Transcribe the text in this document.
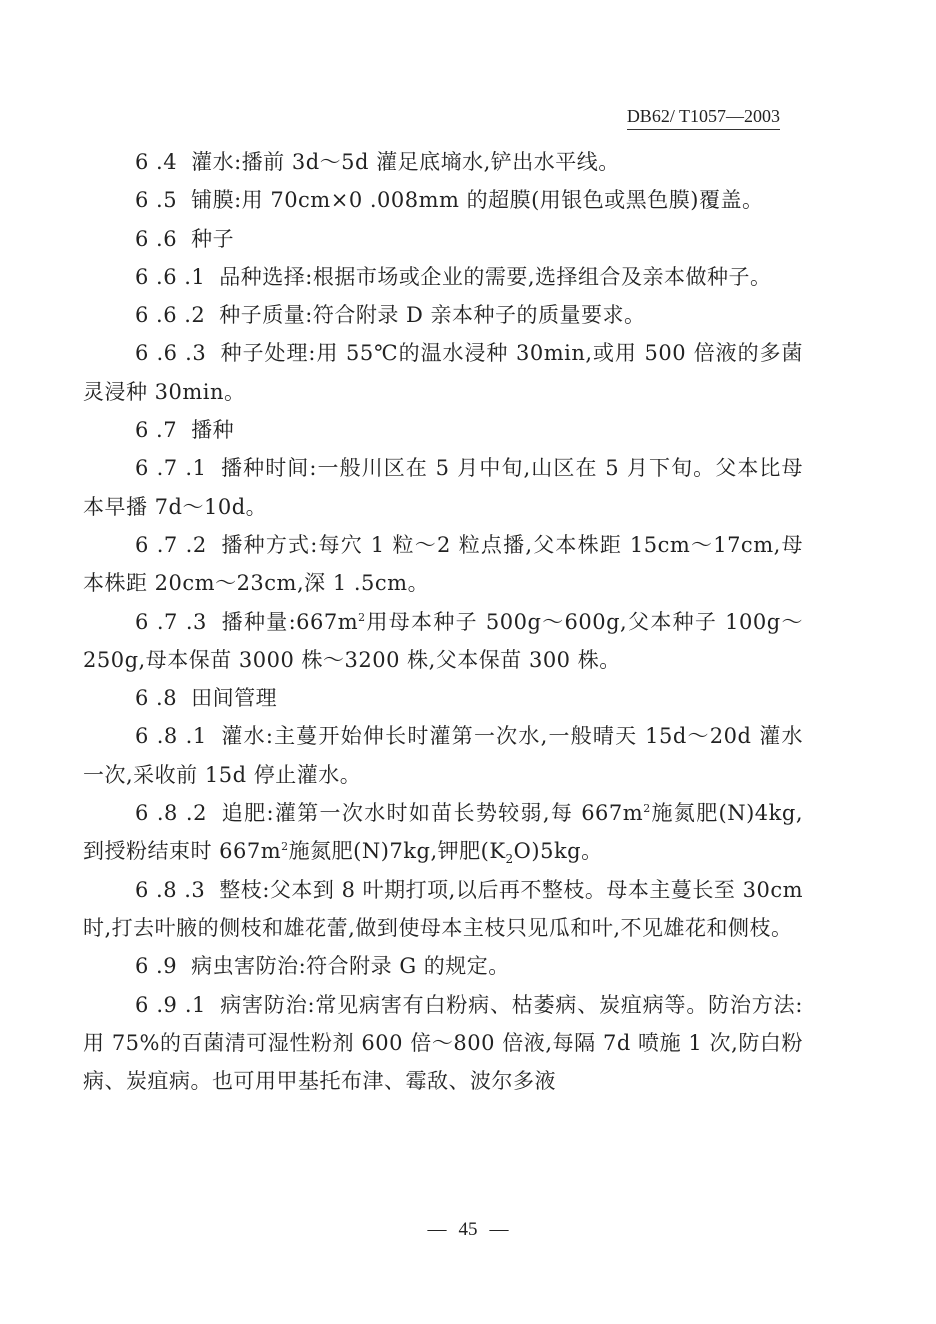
DB62/ T1057—2003

6 .4 灌水:播前 3d～5d 灌足底墒水,铲出水平线。

6 .5 铺膜:用 70cm×0 .008mm 的超膜(用银色或黑色膜)覆盖。

6 .6 种子

6 .6 .1 品种选择:根据市场或企业的需要,选择组合及亲本做种子。

6 .6 .2 种子质量:符合附录 D 亲本种子的质量要求。

6 .6 .3 种子处理:用 55℃的温水浸种 30min,或用 500 倍液的多菌灵浸种 30min。

6 .7 播种

6 .7 .1 播种时间:一般川区在 5 月中旬,山区在 5 月下旬。父本比母本早播 7d～10d。

6 .7 .2 播种方式:每穴 1 粒～2 粒点播,父本株距 15cm～17cm,母本株距 20cm～23cm,深 1 .5cm。

6 .7 .3 播种量$:667m^2$用母本种子 500g～600g,父本种子 100g～250g,母本保苗 3000 株～3200 株,父本保苗 300 株。

6 .8 田间管理

6 .8 .1 灌水:主蔓开始伸长时灌第一次水,一般晴天 15d～20d 灌水一次,采收前 15d 停止灌水。

6 .8 .2 追肥:灌第一次水时如苗长势较弱,每 $667m^2$施氮肥(N)4kg,到授粉结束时 $667m^2$施氮肥(N)7kg,钾肥$(K_2O)5kg$。

6 .8 .3 整枝:父本到 8 叶期打项,以后再不整枝。母本主蔓长至 30cm 时,打去叶腋的侧枝和雄花蕾,做到使母本主枝只见瓜和叶,不见雄花和侧枝。

6 .9 病虫害防治:符合附录 G 的规定。

6 .9 .1 病害防治:常见病害有白粉病、枯萎病、炭疽病等。防治方法:用 75%的百菌清可湿性粉剂 600 倍～800 倍液,每隔 7d 喷施 1 次,防白粉病、炭疽病。也可用甲基托布津、霉敌、波尔多液

— 45 —
